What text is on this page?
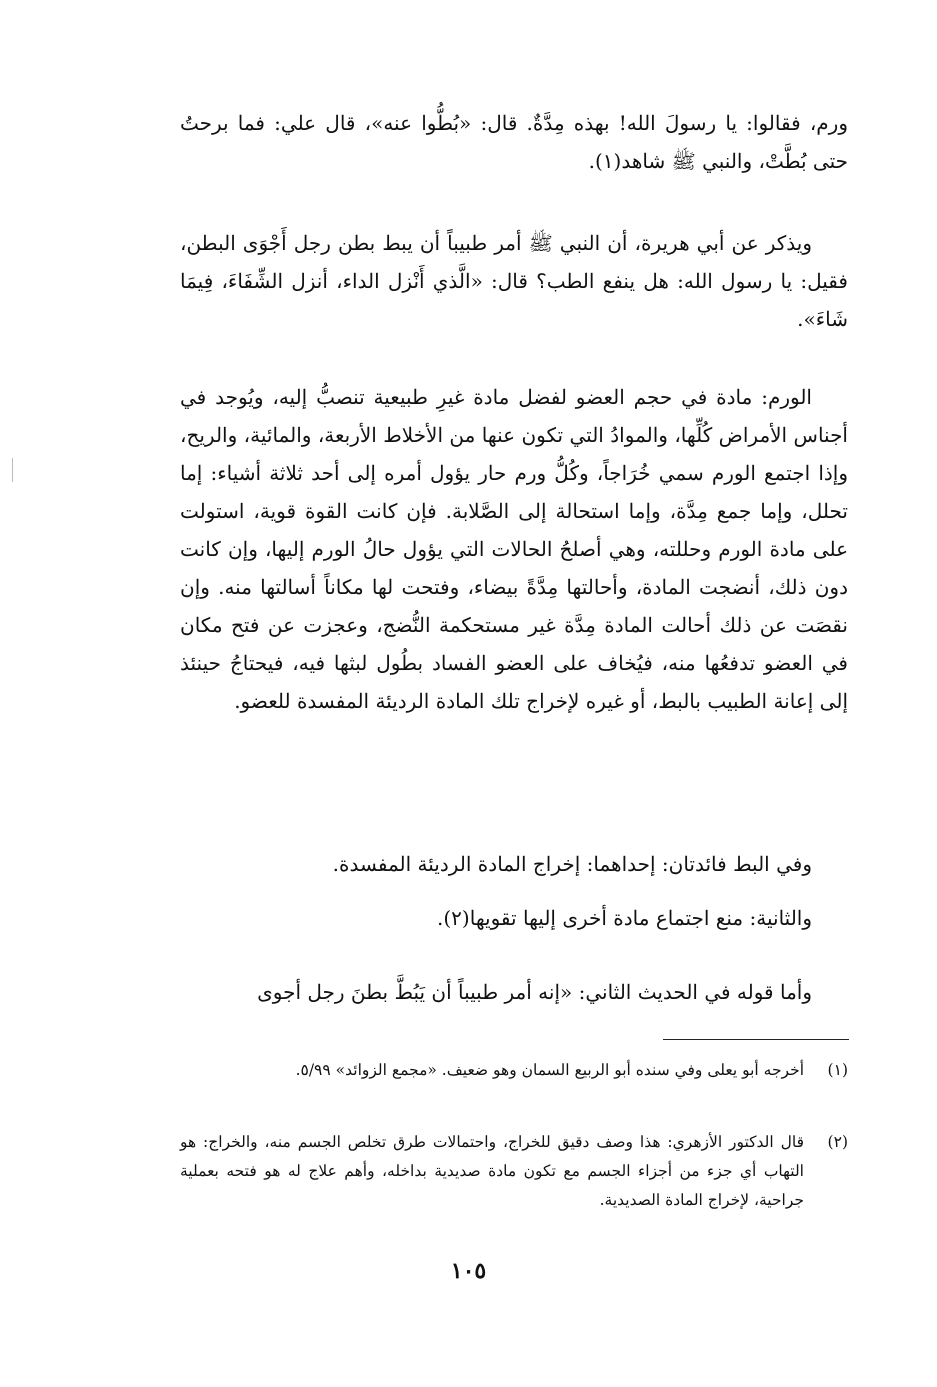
ورم، فقالوا: يا رسولَ الله! بهذه مِدَّةٌ. قال: «بُطُّوا عنه»، قال علي: فما برحتُ حتى بُطَّتْ، والنبي ﷺ شاهد(١).

ويذكر عن أبي هريرة، أن النبي ﷺ أمر طبيباً أن يبط بطن رجل أَجْوَى البطن، فقيل: يا رسول الله: هل ينفع الطب؟ قال: «الَّذي أَنْزل الداء، أنزل الشِّفَاءَ، فِيمَا شَاءَ».

الورم: مادة في حجم العضو لفضل مادة غيرِ طبيعية تنصبُّ إليه، ويُوجد في أجناس الأمراض كُلِّها، والموادُ التي تكون عنها من الأخلاط الأربعة، والمائية، والريح، وإذا اجتمع الورم سمي خُرَاجاً، وكُلُّ ورم حار يؤول أمره إلى أحد ثلاثة أشياء: إما تحلل، وإما جمع مِدَّة، وإما استحالة إلى الصَّلابة. فإن كانت القوة قوية، استولت على مادة الورم وحللته، وهي أصلحُ الحالات التي يؤول حالُ الورم إليها، وإن كانت دون ذلك، أنضجت المادة، وأحالتها مِدَّةً بيضاء، وفتحت لها مكاناً أسالتها منه. وإن نقصَت عن ذلك أحالت المادة مِدَّة غير مستحكمة النُّضج، وعجزت عن فتح مكان في العضو تدفعُها منه، فيُخاف على العضو الفساد بطُول لبثها فيه، فيحتاجُ حينئذ إلى إعانة الطبيب بالبط، أو غيره لإخراج تلك المادة الرديئة المفسدة للعضو.

وفي البط فائدتان: إحداهما: إخراج المادة الرديئة المفسدة.

والثانية: منع اجتماع مادة أخرى إليها تقويها(٢).

وأما قوله في الحديث الثاني: «إنه أمر طبيباً أن يَبُطَّ بطنَ رجل أجوى

(١)
أخرجه أبو يعلى وفي سنده أبو الربيع السمان وهو ضعيف. «مجمع الزوائد» ٥/٩٩.
(٢)
قال الدكتور الأزهري: هذا وصف دقيق للخراج، واحتمالات طرق تخلص الجسم منه، والخراج: هو التهاب أي جزء من أجزاء الجسم مع تكون مادة صديدية بداخله، وأهم علاج له هو فتحه بعملية جراحية، لإخراج المادة الصديدية.
١٠٥
